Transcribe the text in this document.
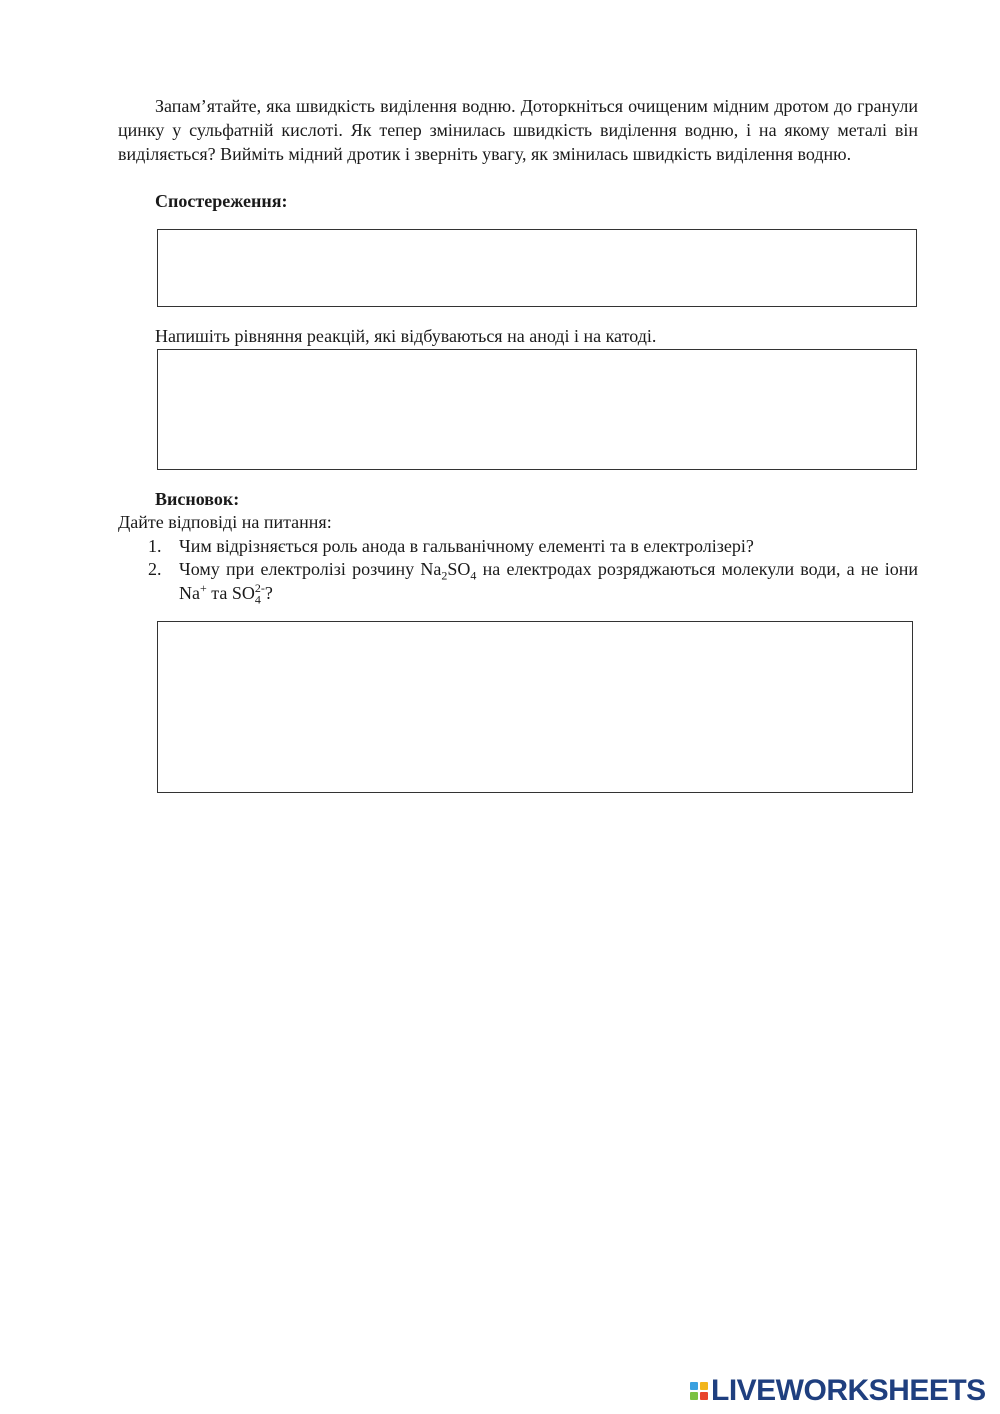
Запам’ятайте, яка швидкість виділення водню. Доторкніться очищеним мідним дротом до гранули цинку у сульфатній кислоті. Як тепер змінилась швидкість виділення водню, і на якому металі він виділяється? Вийміть мідний дротик і зверніть увагу, як змінилась швидкість виділення водню.

Спостереження:

Напишіть рівняння реакцій, які відбуваються на аноді і на катоді.

Висновок:

Дайте відповіді на питання:

1. Чим відрізняється роль анода в гальванічному елементі та в електролізері?
2. Чому при електролізі розчину $Na_2SO_4$ на електродах розряджаються молекули води, а не іони Na+ та $SO_4^{2-}$?
LIVEWORKSHEETS
